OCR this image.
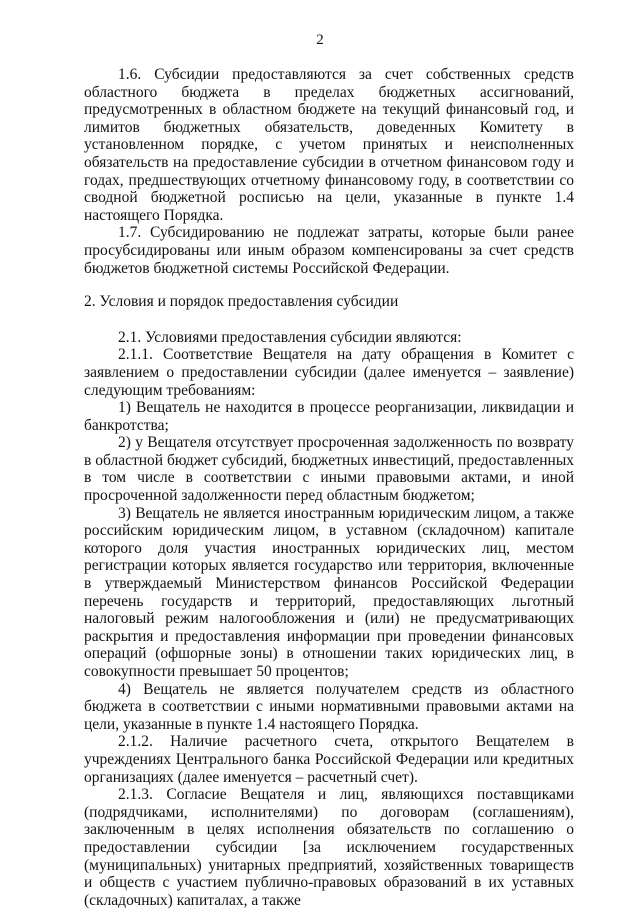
2

1.6. Субсидии предоставляются за счет собственных средств областного бюджета в пределах бюджетных ассигнований, предусмотренных в областном бюджете на текущий финансовый год, и лимитов бюджетных обязательств, доведенных Комитету в установленном порядке, с учетом принятых и неисполненных обязательств на предоставление субсидии в отчетном финансовом году и годах, предшествующих отчетному финансовому году, в соответствии со сводной бюджетной росписью на цели, указанные в пункте 1.4 настоящего Порядка.

1.7. Субсидированию не подлежат затраты, которые были ранее просубсидированы или иным образом компенсированы за счет средств бюджетов бюджетной системы Российской Федерации.

2. Условия и порядок предоставления субсидии

2.1. Условиями предоставления субсидии являются:

2.1.1. Соответствие Вещателя на дату обращения в Комитет с заявлением о предоставлении субсидии (далее именуется – заявление) следующим требованиям:

1) Вещатель не находится в процессе реорганизации, ликвидации и банкротства;

2) у Вещателя отсутствует просроченная задолженность по возврату в областной бюджет субсидий, бюджетных инвестиций, предоставленных в том числе в соответствии с иными правовыми актами, и иной просроченной задолженности перед областным бюджетом;

3) Вещатель не является иностранным юридическим лицом, а также российским юридическим лицом, в уставном (складочном) капитале которого доля участия иностранных юридических лиц, местом регистрации которых является государство или территория, включенные в утверждаемый Министерством финансов Российской Федерации перечень государств и территорий, предоставляющих льготный налоговый режим налогообложения и (или) не предусматривающих раскрытия и предоставления информации при проведении финансовых операций (офшорные зоны) в отношении таких юридических лиц, в совокупности превышает 50 процентов;

4) Вещатель не является получателем средств из областного бюджета в соответствии с иными нормативными правовыми актами на цели, указанные в пункте 1.4 настоящего Порядка.

2.1.2. Наличие расчетного счета, открытого Вещателем в учреждениях Центрального банка Российской Федерации или кредитных организациях (далее именуется – расчетный счет).

2.1.3. Согласие Вещателя и лиц, являющихся поставщиками (подрядчиками, исполнителями) по договорам (соглашениям), заключенным в целях исполнения обязательств по соглашению о предоставлении субсидии [за исключением государственных (муниципальных) унитарных предприятий, хозяйственных товариществ и обществ с участием публично-правовых образований в их уставных (складочных) капиталах, а также
